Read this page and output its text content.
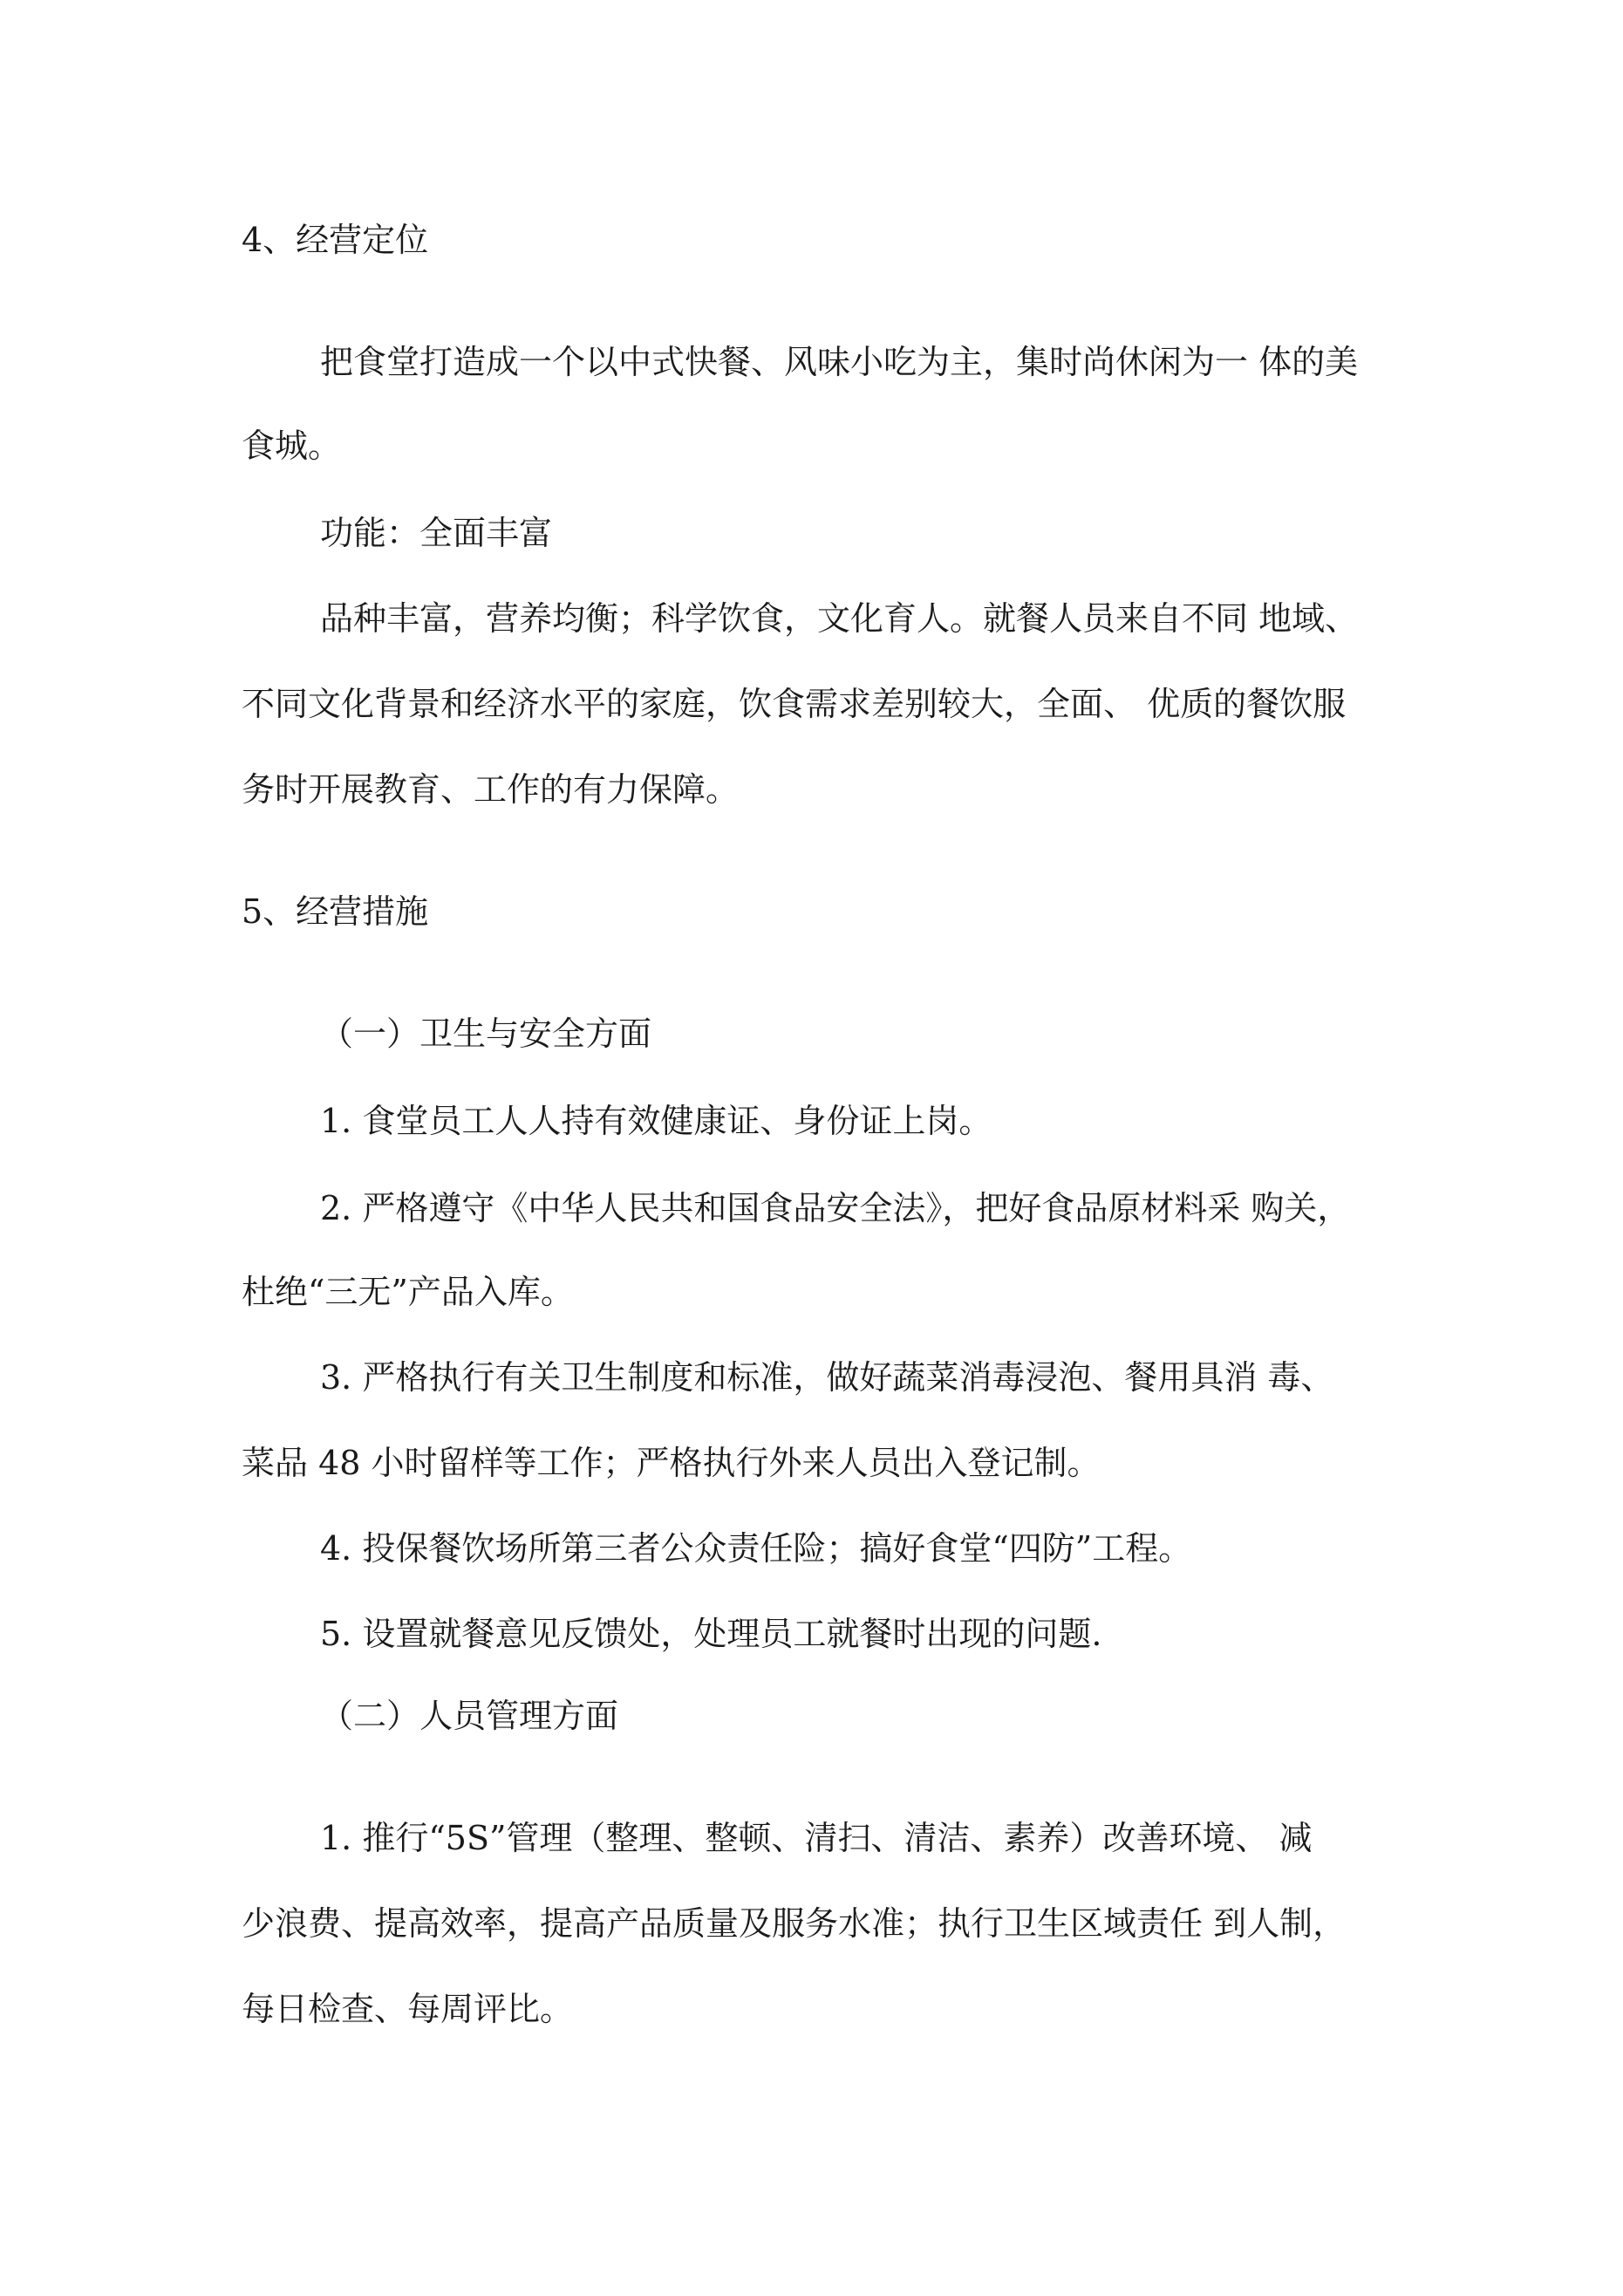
4、经营定位
把食堂打造成一个以中式快餐、风味小吃为主，集时尚休闲为一 体的美
食城。
功能：全面丰富
品种丰富，营养均衡；科学饮食，文化育人。就餐人员来自不同 地域、
不同文化背景和经济水平的家庭，饮食需求差别较大，全面、 优质的餐饮服
务时开展教育、工作的有力保障。
5、经营措施
（一）卫生与安全方面
1. 食堂员工人人持有效健康证、身份证上岗。
2. 严格遵守《中华人民共和国食品安全法》，把好食品原材料采 购关，
杜绝“三无”产品入库。
3. 严格执行有关卫生制度和标准，做好蔬菜消毒浸泡、餐用具消 毒、
菜品 48 小时留样等工作；严格执行外来人员出入登记制。
4. 投保餐饮场所第三者公众责任险；搞好食堂“四防”工程。
5. 设置就餐意见反馈处，处理员工就餐时出现的问题.
（二）人员管理方面
1. 推行“5S”管理（整理、整顿、清扫、清洁、素养）改善环境、 减
少浪费、提高效率，提高产品质量及服务水准；执行卫生区域责任 到人制，
每日检查、每周评比。
